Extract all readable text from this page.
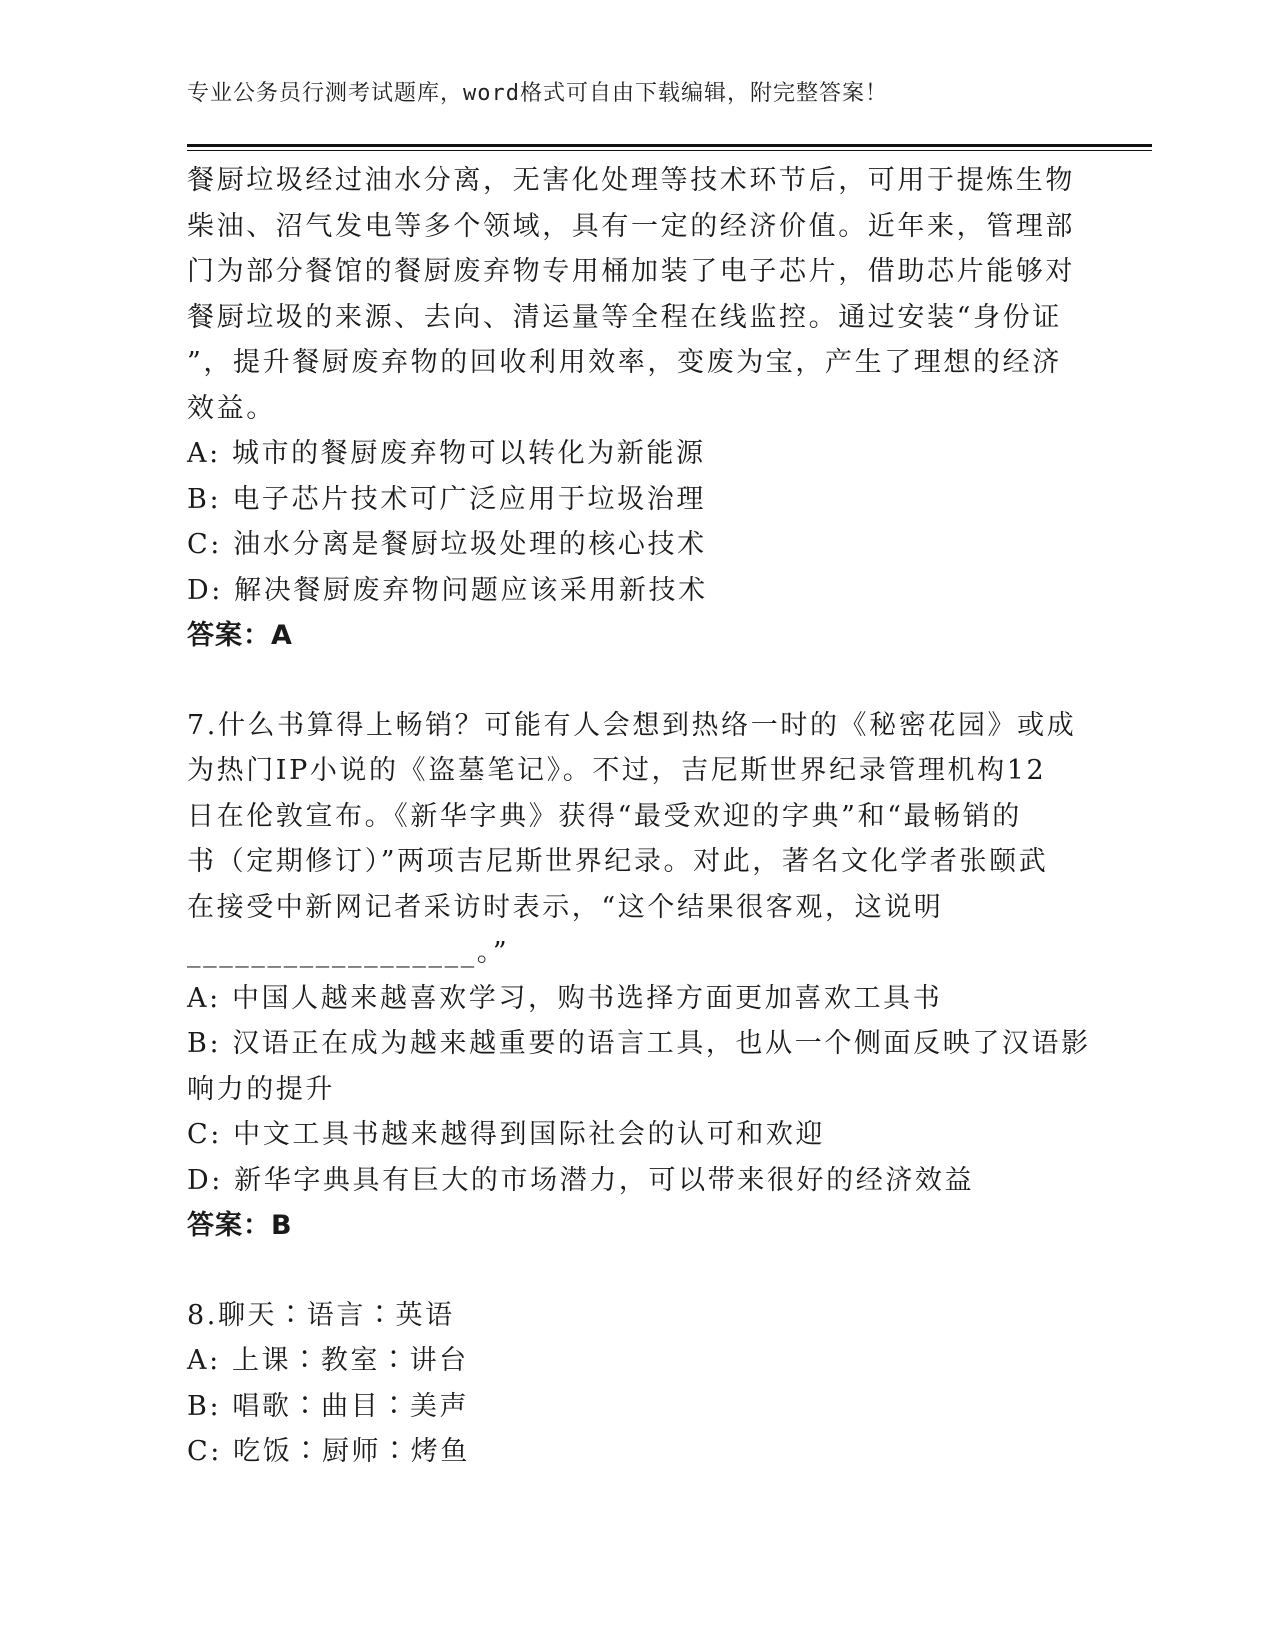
专业公务员行测考试题库，word格式可自由下载编辑，附完整答案！
餐厨垃圾经过油水分离，无害化处理等技术环节后，可用于提炼生物
柴油、沼气发电等多个领域，具有一定的经济价值。近年来，管理部
门为部分餐馆的餐厨废弃物专用桶加装了电子芯片，借助芯片能够对
餐厨垃圾的来源、去向、清运量等全程在线监控。通过安装“身份证
”，提升餐厨废弃物的回收利用效率，变废为宝，产生了理想的经济
效益。
A: 城市的餐厨废弃物可以转化为新能源
B: 电子芯片技术可广泛应用于垃圾治理
C: 油水分离是餐厨垃圾处理的核心技术
D: 解决餐厨废弃物问题应该采用新技术
答案：A
7.什么书算得上畅销？可能有人会想到热络一时的《秘密花园》或成
为热门IP小说的《盗墓笔记》。不过，吉尼斯世界纪录管理机构12
日在伦敦宣布。《新华字典》获得“最受欢迎的字典”和“最畅销的
书（定期修订）”两项吉尼斯世界纪录。对此，著名文化学者张颐武
在接受中新网记者采访时表示，“这个结果很客观，这说明
__________________。”
A: 中国人越来越喜欢学习，购书选择方面更加喜欢工具书
B: 汉语正在成为越来越重要的语言工具，也从一个侧面反映了汉语影
响力的提升
C: 中文工具书越来越得到国际社会的认可和欢迎
D: 新华字典具有巨大的市场潜力，可以带来很好的经济效益
答案：B
8.聊天∶语言∶英语
A: 上课∶教室∶讲台
B: 唱歌∶曲目∶美声
C: 吃饭∶厨师∶烤鱼
